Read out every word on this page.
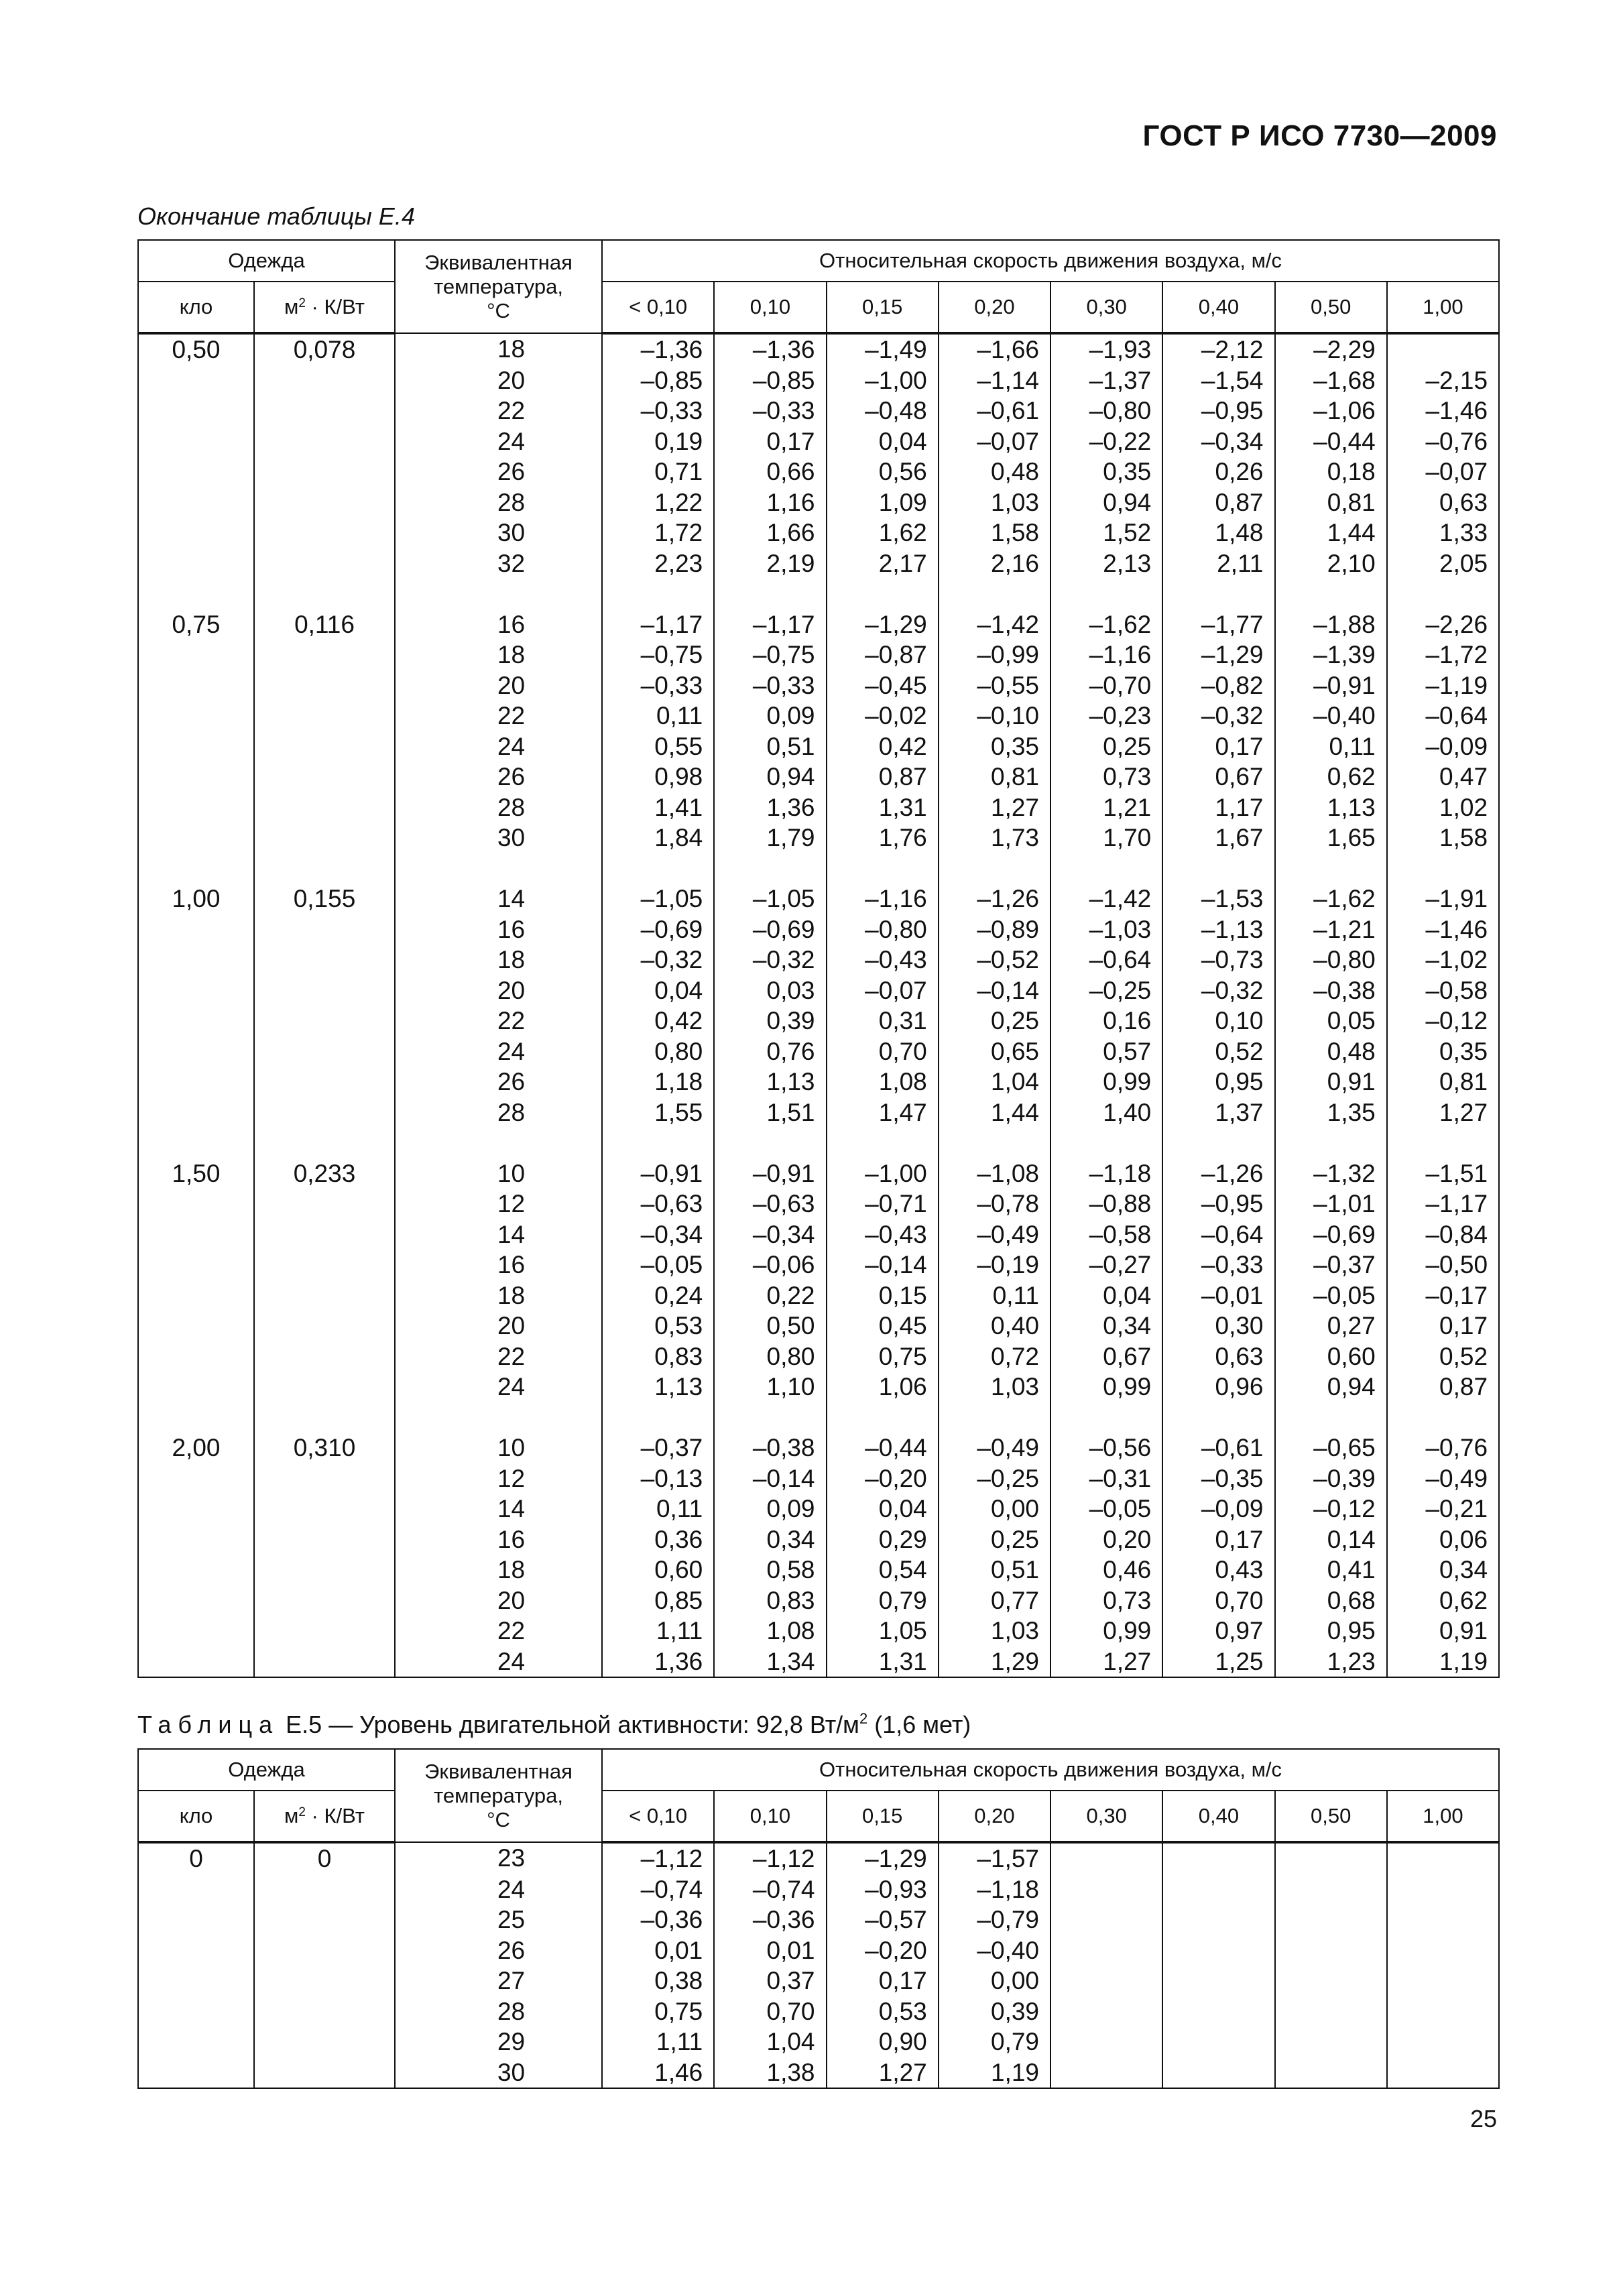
ГОСТ Р ИСО 7730—2009
Окончание таблицы Е.4
Одежда		Эквивалентная
температура,
°C	Относительная скорость движения воздуха, м/с							
кло	$м^2 \cdot К/Вт$		< 0,10	0,10	0,15	0,20	0,30	0,40	0,50	1,00
0,50	0,078	18	–1,36	–1,36	–1,49	–1,66	–1,93	–2,12	–2,29	
		20	–0,85	–0,85	–1,00	–1,14	–1,37	–1,54	–1,68	–2,15
		22	–0,33	–0,33	–0,48	–0,61	–0,80	–0,95	–1,06	–1,46
		24	0,19	0,17	0,04	–0,07	–0,22	–0,34	–0,44	–0,76
		26	0,71	0,66	0,56	0,48	0,35	0,26	0,18	–0,07
		28	1,22	1,16	1,09	1,03	0,94	0,87	0,81	0,63
		30	1,72	1,66	1,62	1,58	1,52	1,48	1,44	1,33
		32	2,23	2,19	2,17	2,16	2,13	2,11	2,10	2,05

0,75	0,116	16	–1,17	–1,17	–1,29	–1,42	–1,62	–1,77	–1,88	–2,26
		18	–0,75	–0,75	–0,87	–0,99	–1,16	–1,29	–1,39	–1,72
		20	–0,33	–0,33	–0,45	–0,55	–0,70	–0,82	–0,91	–1,19
		22	0,11	0,09	–0,02	–0,10	–0,23	–0,32	–0,40	–0,64
		24	0,55	0,51	0,42	0,35	0,25	0,17	0,11	–0,09
		26	0,98	0,94	0,87	0,81	0,73	0,67	0,62	0,47
		28	1,41	1,36	1,31	1,27	1,21	1,17	1,13	1,02
		30	1,84	1,79	1,76	1,73	1,70	1,67	1,65	1,58

1,00	0,155	14	–1,05	–1,05	–1,16	–1,26	–1,42	–1,53	–1,62	–1,91
		16	–0,69	–0,69	–0,80	–0,89	–1,03	–1,13	–1,21	–1,46
		18	–0,32	–0,32	–0,43	–0,52	–0,64	–0,73	–0,80	–1,02
		20	0,04	0,03	–0,07	–0,14	–0,25	–0,32	–0,38	–0,58
		22	0,42	0,39	0,31	0,25	0,16	0,10	0,05	–0,12
		24	0,80	0,76	0,70	0,65	0,57	0,52	0,48	0,35
		26	1,18	1,13	1,08	1,04	0,99	0,95	0,91	0,81
		28	1,55	1,51	1,47	1,44	1,40	1,37	1,35	1,27

1,50	0,233	10	–0,91	–0,91	–1,00	–1,08	–1,18	–1,26	–1,32	–1,51
		12	–0,63	–0,63	–0,71	–0,78	–0,88	–0,95	–1,01	–1,17
		14	–0,34	–0,34	–0,43	–0,49	–0,58	–0,64	–0,69	–0,84
		16	–0,05	–0,06	–0,14	–0,19	–0,27	–0,33	–0,37	–0,50
		18	0,24	0,22	0,15	0,11	0,04	–0,01	–0,05	–0,17
		20	0,53	0,50	0,45	0,40	0,34	0,30	0,27	0,17
		22	0,83	0,80	0,75	0,72	0,67	0,63	0,60	0,52
		24	1,13	1,10	1,06	1,03	0,99	0,96	0,94	0,87

2,00	0,310	10	–0,37	–0,38	–0,44	–0,49	–0,56	–0,61	–0,65	–0,76
		12	–0,13	–0,14	–0,20	–0,25	–0,31	–0,35	–0,39	–0,49
		14	0,11	0,09	0,04	0,00	–0,05	–0,09	–0,12	–0,21
		16	0,36	0,34	0,29	0,25	0,20	0,17	0,14	0,06
		18	0,60	0,58	0,54	0,51	0,46	0,43	0,41	0,34
		20	0,85	0,83	0,79	0,77	0,73	0,70	0,68	0,62
		22	1,11	1,08	1,05	1,03	0,99	0,97	0,95	0,91
		24	1,36	1,34	1,31	1,29	1,27	1,25	1,23	1,19
Таблица Е.5 — Уровень двигательной активности: 92,8 $Вт/м^2$ (1,6 мет)
Одежда		Эквивалентная
температура,
°C	Относительная скорость движения воздуха, м/с							
кло	$м^2 \cdot К/Вт$		< 0,10	0,10	0,15	0,20	0,30	0,40	0,50	1,00
0	0	23	–1,12	–1,12	–1,29	–1,57				
		24	–0,74	–0,74	–0,93	–1,18				
		25	–0,36	–0,36	–0,57	–0,79				
		26	0,01	0,01	–0,20	–0,40				
		27	0,38	0,37	0,17	0,00				
		28	0,75	0,70	0,53	0,39				
		29	1,11	1,04	0,90	0,79				
		30	1,46	1,38	1,27	1,19				
25
